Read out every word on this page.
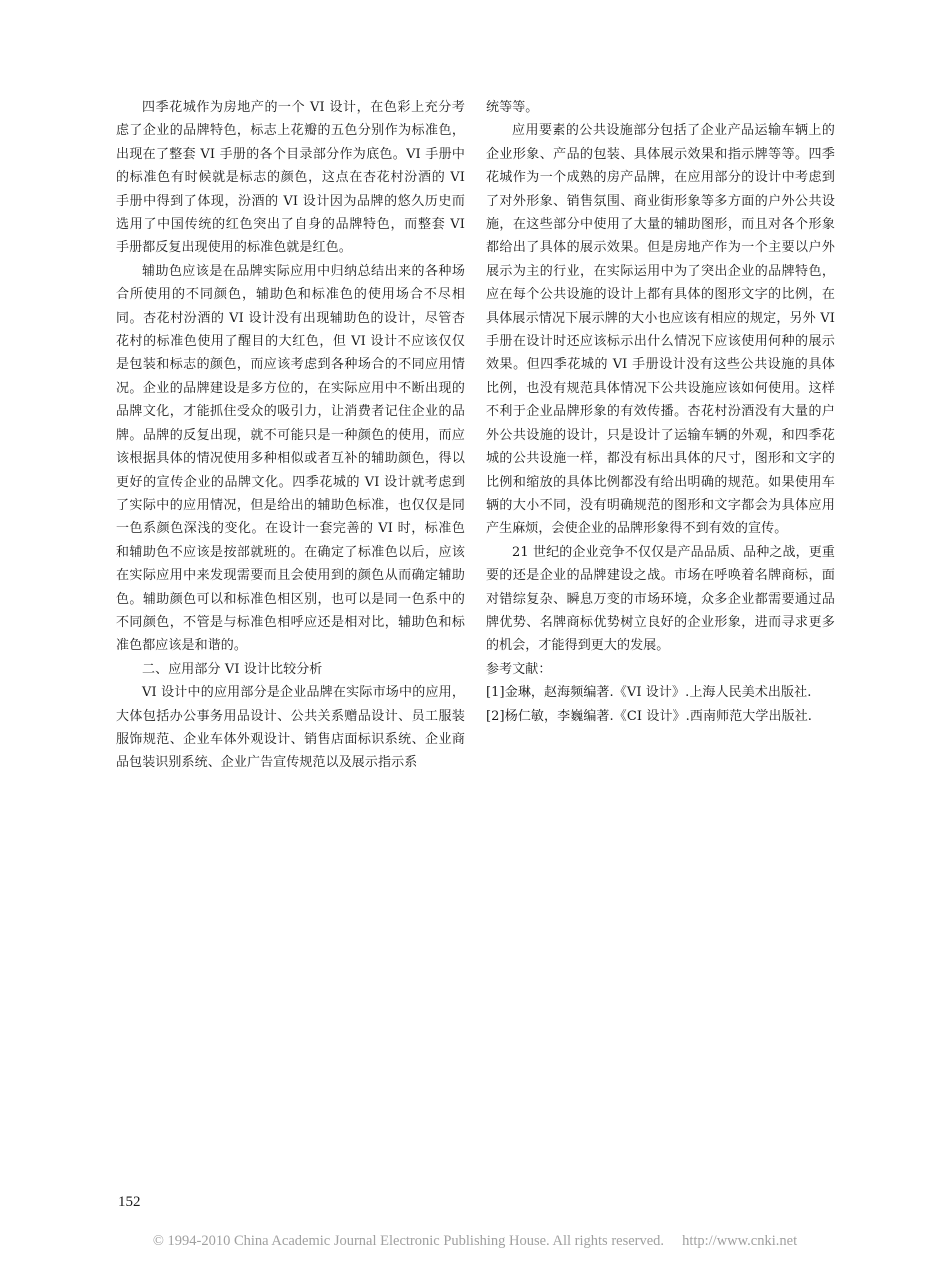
四季花城作为房地产的一个 VI 设计，在色彩上充分考虑了企业的品牌特色，标志上花瓣的五色分别作为标准色，出现在了整套 VI 手册的各个目录部分作为底色。VI 手册中的标准色有时候就是标志的颜色，这点在杏花村汾酒的 VI 手册中得到了体现，汾酒的 VI 设计因为品牌的悠久历史而选用了中国传统的红色突出了自身的品牌特色，而整套 VI 手册都反复出现使用的标准色就是红色。

辅助色应该是在品牌实际应用中归纳总结出来的各种场合所使用的不同颜色，辅助色和标准色的使用场合不尽相同。杏花村汾酒的 VI 设计没有出现辅助色的设计，尽管杏花村的标准色使用了醒目的大红色，但 VI 设计不应该仅仅是包装和标志的颜色，而应该考虑到各种场合的不同应用情况。企业的品牌建设是多方位的，在实际应用中不断出现的品牌文化，才能抓住受众的吸引力，让消费者记住企业的品牌。品牌的反复出现，就不可能只是一种颜色的使用，而应该根据具体的情况使用多种相似或者互补的辅助颜色，得以更好的宣传企业的品牌文化。四季花城的 VI 设计就考虑到了实际中的应用情况，但是给出的辅助色标准，也仅仅是同一色系颜色深浅的变化。在设计一套完善的 VI 时，标准色和辅助色不应该是按部就班的。在确定了标准色以后，应该在实际应用中来发现需要而且会使用到的颜色从而确定辅助色。辅助颜色可以和标准色相区别，也可以是同一色系中的不同颜色，不管是与标准色相呼应还是相对比，辅助色和标准色都应该是和谐的。

二、应用部分 VI 设计比较分析

VI 设计中的应用部分是企业品牌在实际市场中的应用，大体包括办公事务用品设计、公共关系赠品设计、员工服装服饰规范、企业车体外观设计、销售店面标识系统、企业商品包装识别系统、企业广告宣传规范以及展示指示系

统等等。

应用要素的公共设施部分包括了企业产品运输车辆上的企业形象、产品的包装、具体展示效果和指示牌等等。四季花城作为一个成熟的房产品牌，在应用部分的设计中考虑到了对外形象、销售氛围、商业街形象等多方面的户外公共设施，在这些部分中使用了大量的辅助图形，而且对各个形象都给出了具体的展示效果。但是房地产作为一个主要以户外展示为主的行业，在实际运用中为了突出企业的品牌特色，应在每个公共设施的设计上都有具体的图形文字的比例，在具体展示情况下展示牌的大小也应该有相应的规定，另外 VI 手册在设计时还应该标示出什么情况下应该使用何种的展示效果。但四季花城的 VI 手册设计没有这些公共设施的具体比例，也没有规范具体情况下公共设施应该如何使用。这样不利于企业品牌形象的有效传播。杏花村汾酒没有大量的户外公共设施的设计，只是设计了运输车辆的外观，和四季花城的公共设施一样，都没有标出具体的尺寸，图形和文字的比例和缩放的具体比例都没有给出明确的规范。如果使用车辆的大小不同，没有明确规范的图形和文字都会为具体应用产生麻烦，会使企业的品牌形象得不到有效的宣传。

21 世纪的企业竞争不仅仅是产品品质、品种之战，更重要的还是企业的品牌建设之战。市场在呼唤着名牌商标，面对错综复杂、瞬息万变的市场环境，众多企业都需要通过品牌优势、名牌商标优势树立良好的企业形象，进而寻求更多的机会，才能得到更大的发展。

参考文献：

[1]金琳，赵海频编著.《VI 设计》.上海人民美术出版社.

[2]杨仁敏，李巍编著.《CI 设计》.西南师范大学出版社.

152
© 1994-2010 China Academic Journal Electronic Publishing House. All rights reserved. http://www.cnki.net
